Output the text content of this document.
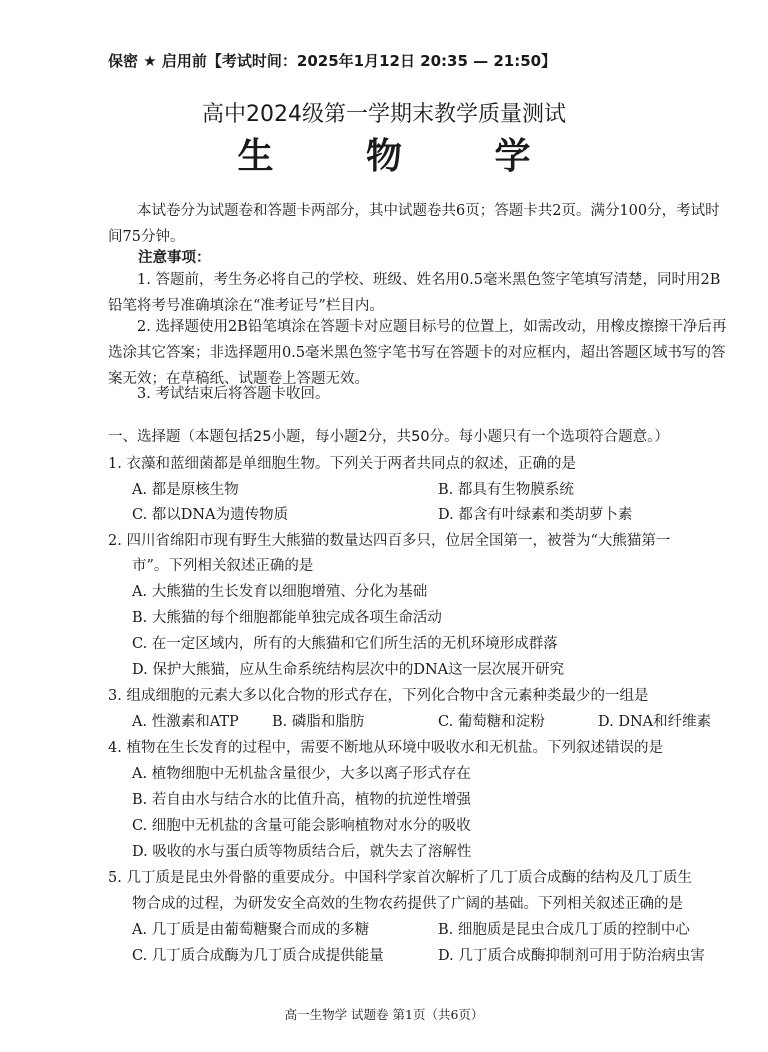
保密 ★ 启用前【考试时间：2025年1月12日 20:35 — 21:50】
高中2024级第一学期末教学质量测试
生 物 学
本试卷分为试题卷和答题卡两部分，其中试题卷共6页；答题卡共2页。满分100分，考试时间75分钟。
注意事项：
1. 答题前，考生务必将自己的学校、班级、姓名用0.5毫米黑色签字笔填写清楚，同时用2B铅笔将考号准确填涂在“准考证号”栏目内。
2. 选择题使用2B铅笔填涂在答题卡对应题目标号的位置上，如需改动，用橡皮擦擦干净后再选涂其它答案；非选择题用0.5毫米黑色签字笔书写在答题卡的对应框内，超出答题区域书写的答案无效；在草稿纸、试题卷上答题无效。
3. 考试结束后将答题卡收回。
一、选择题（本题包括25小题，每小题2分，共50分。每小题只有一个选项符合题意。）
1. 衣藻和蓝细菌都是单细胞生物。下列关于两者共同点的叙述，正确的是
A. 都是原核生物	B. 都具有生物膜系统
C. 都以DNA为遗传物质	D. 都含有叶绿素和类胡萝卜素
2. 四川省绵阳市现有野生大熊猫的数量达四百多只，位居全国第一，被誉为“大熊猫第一
市”。下列相关叙述正确的是
A. 大熊猫的生长发育以细胞增殖、分化为基础
B. 大熊猫的每个细胞都能单独完成各项生命活动
C. 在一定区域内，所有的大熊猫和它们所生活的无机环境形成群落
D. 保护大熊猫，应从生命系统结构层次中的DNA这一层次展开研究
3. 组成细胞的元素大多以化合物的形式存在，下列化合物中含元素种类最少的一组是
A. 性激素和ATP B. 磷脂和脂肪	C. 葡萄糖和淀粉	D. DNA和纤维素
4. 植物在生长发育的过程中，需要不断地从环境中吸收水和无机盐。下列叙述错误的是
A. 植物细胞中无机盐含量很少，大多以离子形式存在
B. 若自由水与结合水的比值升高，植物的抗逆性增强
C. 细胞中无机盐的含量可能会影响植物对水分的吸收
D. 吸收的水与蛋白质等物质结合后，就失去了溶解性
5. 几丁质是昆虫外骨骼的重要成分。中国科学家首次解析了几丁质合成酶的结构及几丁质生
物合成的过程，为研发安全高效的生物农药提供了广阔的基础。下列相关叙述正确的是
A. 几丁质是由葡萄糖聚合而成的多糖	B. 细胞质是昆虫合成几丁质的控制中心
C. 几丁质合成酶为几丁质合成提供能量	D. 几丁质合成酶抑制剂可用于防治病虫害
高一生物学 试题卷 第1页（共6页）
